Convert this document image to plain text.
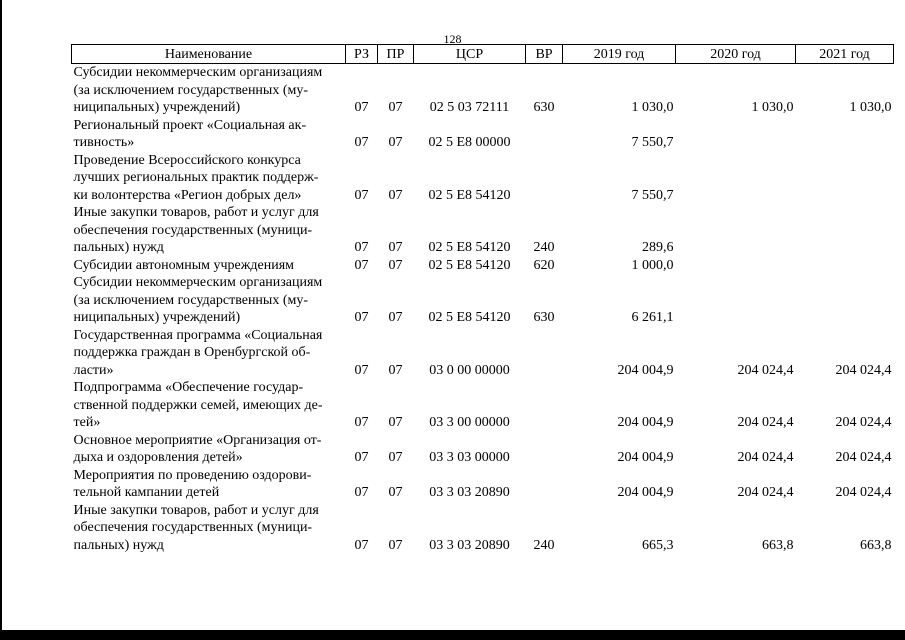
128
Наименование	РЗ	ПР	ЦСР	ВР	2019 год	2020 год	2021 год
Субсидии некоммерческим организациям
(за исключением государственных (му-
ниципальных) учреждений)	07	07	02 5 03 72111	630	1 030,0	1 030,0	1 030,0
Региональный проект «Социальная ак-
тивность»	07	07	02 5 E8 00000		7 550,7		
Проведение Всероссийского конкурса
лучших региональных практик поддерж-
ки волонтерства «Регион добрых дел»	07	07	02 5 E8 54120		7 550,7		
Иные закупки товаров, работ и услуг для
обеспечения государственных (муници-
пальных) нужд	07	07	02 5 E8 54120	240	289,6		
Субсидии автономным учреждениям	07	07	02 5 E8 54120	620	1 000,0		
Субсидии некоммерческим организациям
(за исключением государственных (му-
ниципальных) учреждений)	07	07	02 5 E8 54120	630	6 261,1		
Государственная программа «Социальная
поддержка граждан в Оренбургской об-
ласти»	07	07	03 0 00 00000		204 004,9	204 024,4	204 024,4
Подпрограмма «Обеспечение государ-
ственной поддержки семей, имеющих де-
тей»	07	07	03 3 00 00000		204 004,9	204 024,4	204 024,4
Основное мероприятие «Организация от-
дыха и оздоровления детей»	07	07	03 3 03 00000		204 004,9	204 024,4	204 024,4
Мероприятия по проведению оздорови-
тельной кампании детей	07	07	03 3 03 20890		204 004,9	204 024,4	204 024,4
Иные закупки товаров, работ и услуг для
обеспечения государственных (муници-
пальных) нужд	07	07	03 3 03 20890	240	665,3	663,8	663,8
